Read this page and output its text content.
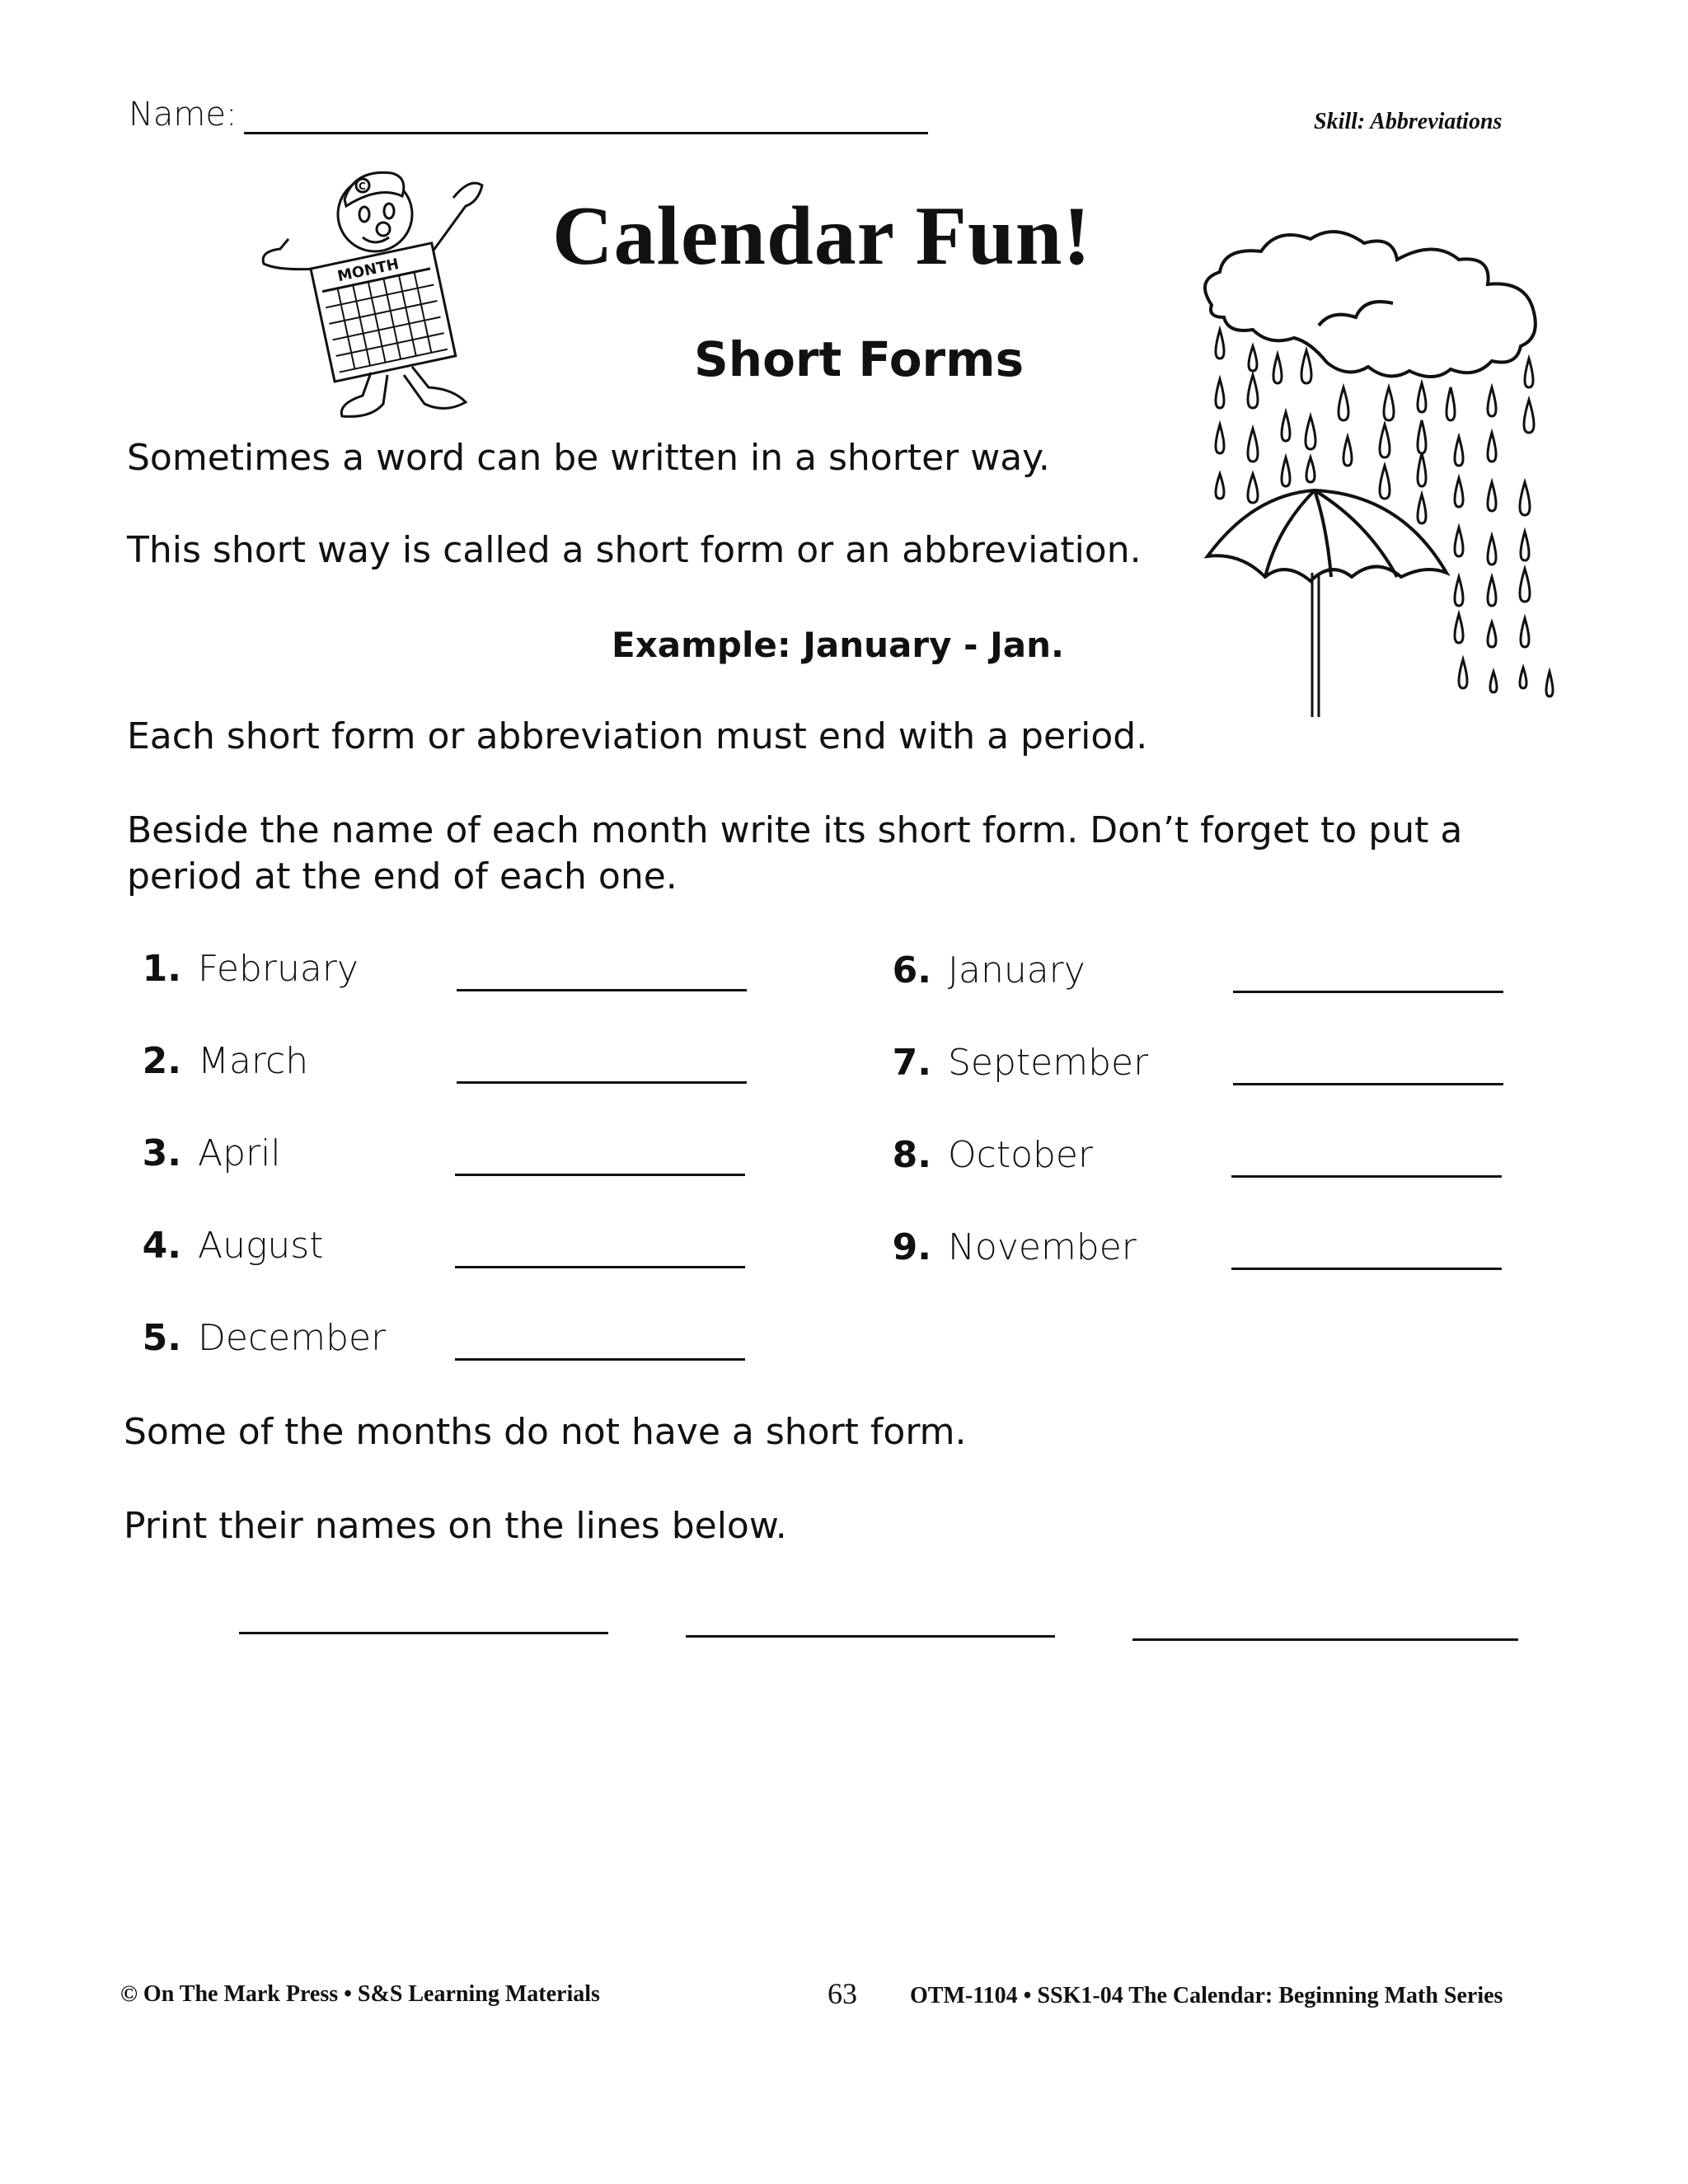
Name:	Skill: Abbreviations
C
MONTH Calendar Fun!
Short Forms
Sometimes a word can be written in a shorter way.
This short way is called a short form or an abbreviation.
Example: January - Jan.
Each short form or abbreviation must end with a period.
Beside the name of each month write its short form. Don’t forget to put a period at the end of each one.
1. February
2. March
3. April
4. August
5. December
6. January
7. September
8. October
9. November
Some of the months do not have a short form.
Print their names on the lines below.
© On The Mark Press • S&S Learning Materials	63 OTM-1104 • SSK1-04 The Calendar: Beginning Math Series
